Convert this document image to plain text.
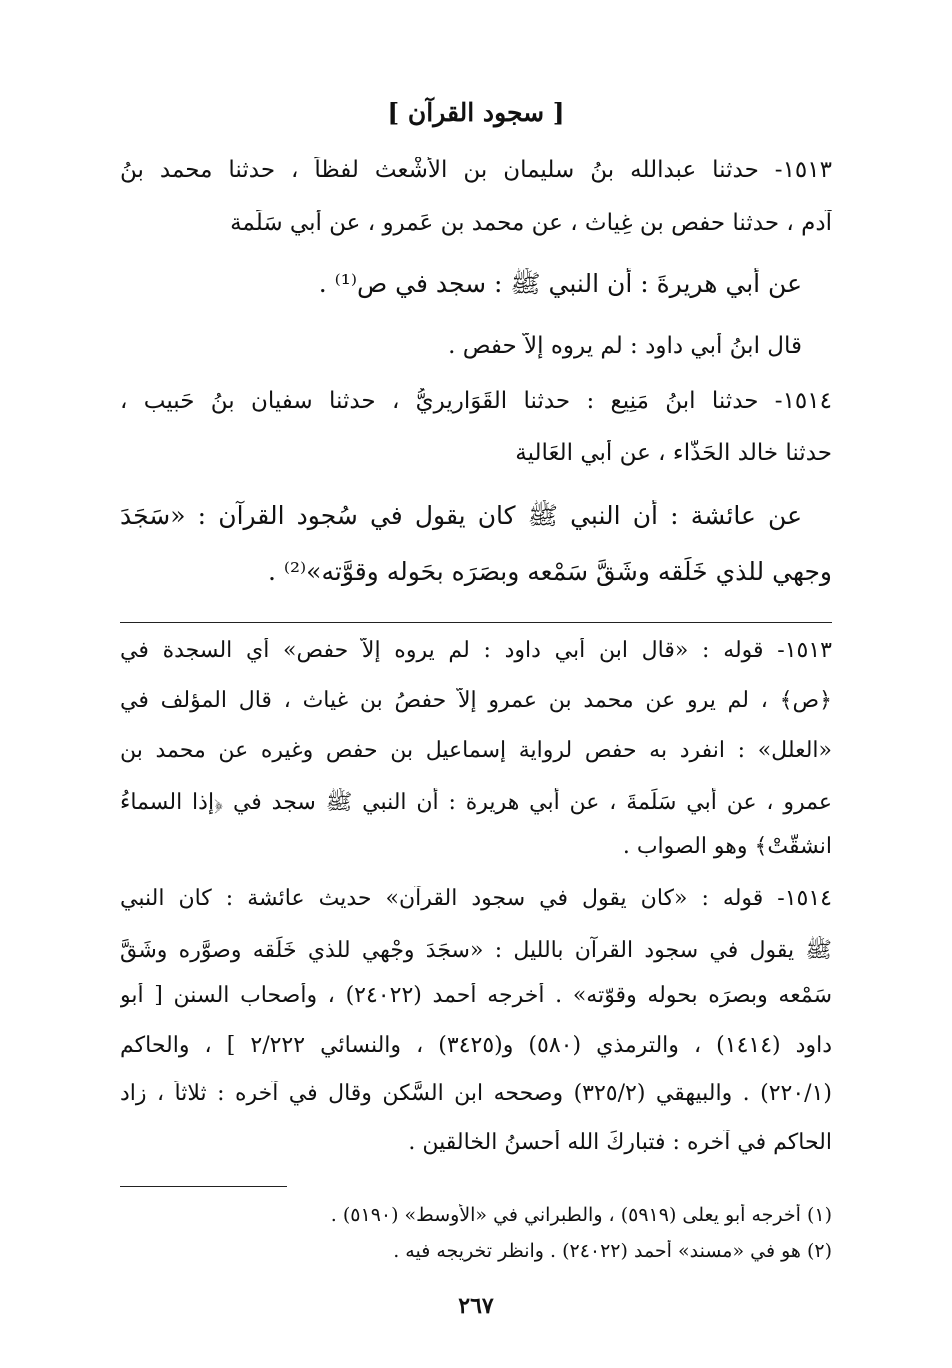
[ سجود القرآن ]
١٥١٣- حدثنا عبدالله بنُ سليمان بن الأشْعث لفظاً ، حدثنا محمد بنُ
آدم ، حدثنا حفص بن غِياث ، عن محمد بن عَمرو ، عن أبي سَلَمة
عن أبي هريرةَ : أن النبي ﷺ : سجد في ص⁽¹⁾ .
قال ابنُ أبي داود : لم يروه إلاّ حفص .
١٥١٤- حدثنا ابنُ مَنِيع : حدثنا القَوَاريريُّ ، حدثنا سفيان بنُ حَبيب ،
حدثنا خالد الحَذَّاء ، عن أبي العَالية
عن عائشة : أن النبي ﷺ كان يقول في سُجود القرآن : «سَجَدَ
وجهي للذي خَلَقه وشَقَّ سَمْعه وبصَرَه بحَوله وقوَّته»⁽²⁾ .
١٥١٣- قوله : «قال ابن أبي داود : لم يروه إلاّ حفص» أي السجدة في
﴿ص﴾ ، لم يرو عن محمد بن عمرو إلاّ حفصُ بن غياث ، قال المؤلف في
«العلل» : انفرد به حفص لرواية إسماعيل بن حفص وغيره عن محمد بن
عمرو ، عن أبي سَلَمةَ ، عن أبي هريرة : أن النبي ﷺ سجد في ﴿إذا السماءُ
انشقَّتْ﴾ وهو الصواب .
١٥١٤- قوله : «كان يقول في سجود القرآن» حديث عائشة : كان النبي
ﷺ يقول في سجود القرآن بالليل : «سجَدَ وجْهي للذي خَلَقه وصوَّره وشَقَّ
سَمْعه وبصرَه بحوله وقوّته» . أخرجه أحمد (٢٤٠٢٢) ، وأصحاب السنن [ أبو
داود (١٤١٤) ، والترمذي (٥٨٠) و(٣٤٢٥) ، والنسائي ٢/٢٢٢ ] ، والحاكم
(٢٢٠/١) . والبيهقي (٣٢٥/٢) وصححه ابن السَّكن وقال في آخره : ثلاثاً ، زاد
الحاكم في آخره : فتباركَ الله أحسنُ الخالقين .
(١) أخرجه أبو يعلى (٥٩١٩) ، والطبراني في «الأوسط» (٥١٩٠) .
(٢) هو في «مسند» أحمد (٢٤٠٢٢) . وانظر تخريجه فيه .
٢٦٧
